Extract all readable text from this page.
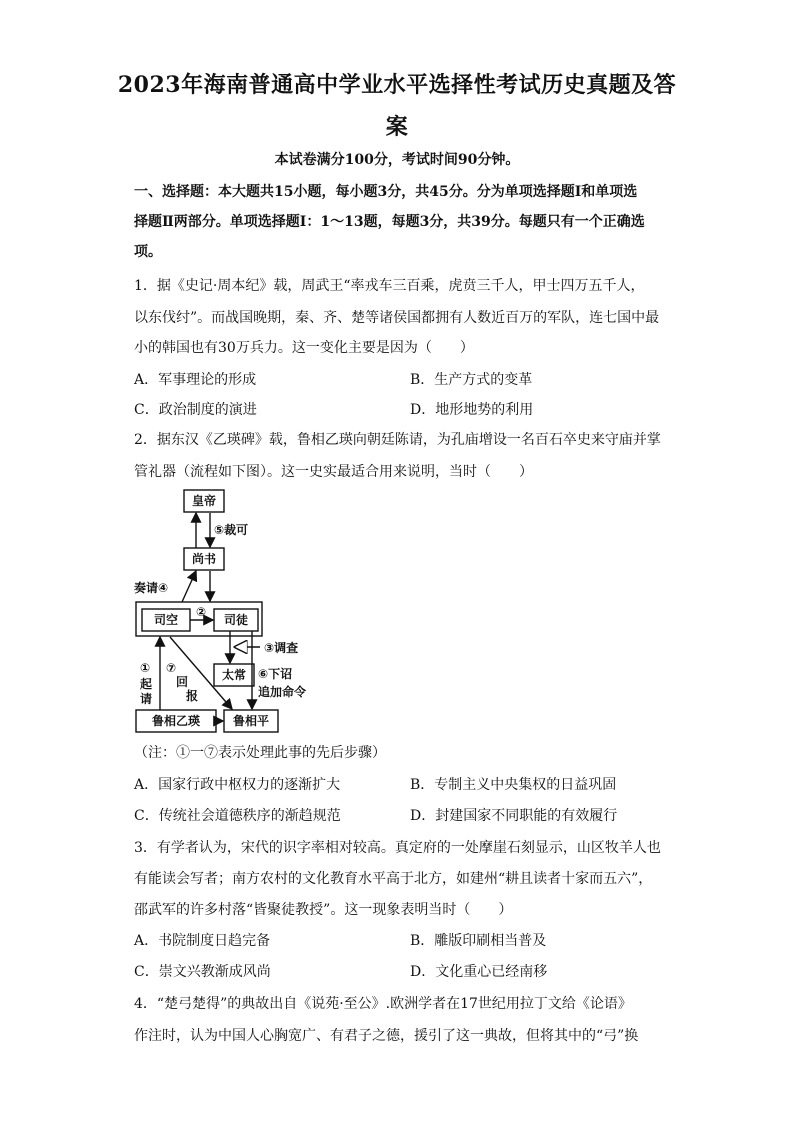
2023年海南普通高中学业水平选择性考试历史真题及答
案
本试卷满分100分，考试时间90分钟。
一、选择题：本大题共15小题，每小题3分，共45分。分为单项选择题Ⅰ和单项选
择题Ⅱ两部分。单项选择题Ⅰ：1～13题，每题3分，共39分。每题只有一个正确选
项。
1．据《史记·周本纪》载，周武王“率戎车三百乘，虎贲三千人，甲士四万五千人，
以东伐纣”。而战国晚期，秦、齐、楚等诸侯国都拥有人数近百万的军队，连七国中最
小的韩国也有30万兵力。这一变化主要是因为（　　）
A．军事理论的形成	B．生产方式的变革
C．政治制度的演进	D．地形地势的利用
2．据东汉《乙瑛碑》载，鲁相乙瑛向朝廷陈请，为孔庙增设一名百石卒史来守庙并掌
管礼器（流程如下图）。这一史实最适合用来说明，当时（　　）
皇帝
尚书
司空	司徒
太常
鲁相乙瑛	鲁相平
⑤裁可
奏请④
②
③调查
⑥下诏
追加命令
①
起
请
⑦
回
报
（注：①一⑦表示处理此事的先后步骤）
A．国家行政中枢权力的逐渐扩大	B．专制主义中央集权的日益巩固
C．传统社会道德秩序的渐趋规范	D．封建国家不同职能的有效履行
3．有学者认为，宋代的识字率相对较高。真定府的一处摩崖石刻显示，山区牧羊人也
有能读会写者；南方农村的文化教育水平高于北方，如建州“耕且读者十家而五六”，
邵武军的许多村落“皆聚徒教授”。这一现象表明当时（　　）
A．书院制度日趋完备	B．雕版印刷相当普及
C．崇文兴教渐成风尚	D．文化重心已经南移
4．“楚弓楚得”的典故出自《说苑·至公》.欧洲学者在17世纪用拉丁文给《论语》
作注时，认为中国人心胸宽广、有君子之德，援引了这一典故，但将其中的“弓”换
